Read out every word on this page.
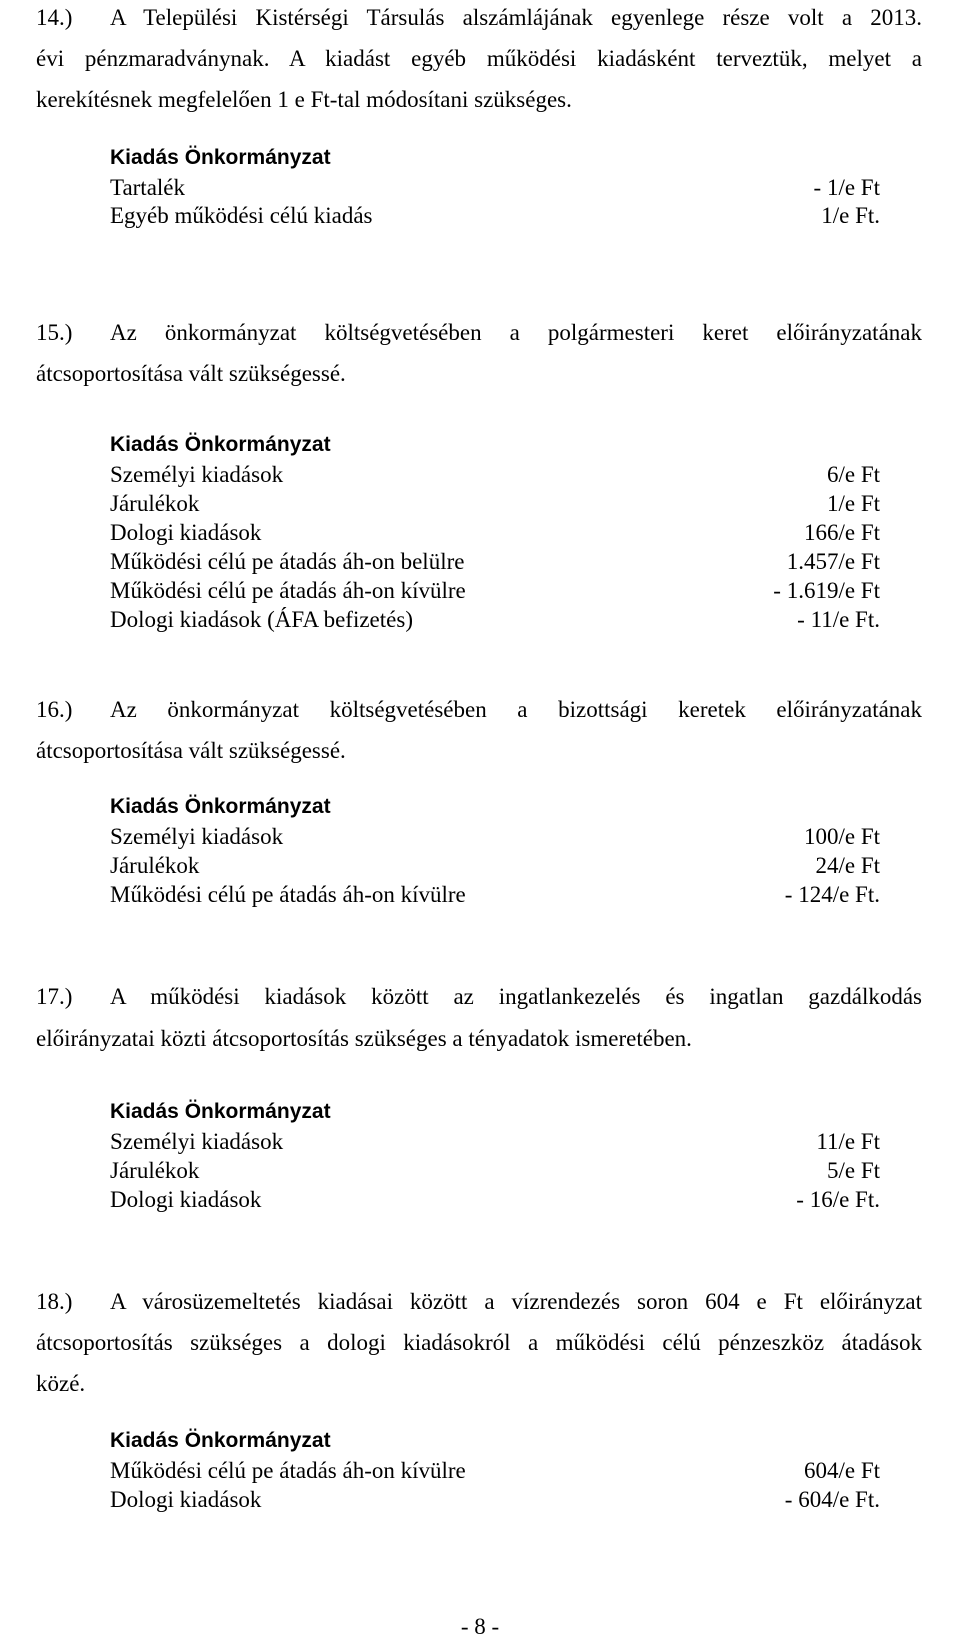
14.) A Települési Kistérségi Társulás alszámlájának egyenlege része volt a 2013.
évi pénzmaradványnak. A kiadást egyéb működési kiadásként terveztük, melyet a
kerekítésnek megfelelően 1 e Ft-tal módosítani szükséges.
Kiadás Önkormányzat
Tartalék	- 1/e Ft
Egyéb működési célú kiadás	1/e Ft.
15.) Az önkormányzat költségvetésében a polgármesteri keret előirányzatának
átcsoportosítása vált szükségessé.
Kiadás Önkormányzat
Személyi kiadások	6/e Ft
Járulékok	1/e Ft
Dologi kiadások	166/e Ft
Működési célú pe átadás áh-on belülre	1.457/e Ft
Működési célú pe átadás áh-on kívülre	- 1.619/e Ft
Dologi kiadások (ÁFA befizetés)	- 11/e Ft.
16.) Az önkormányzat költségvetésében a bizottsági keretek előirányzatának
átcsoportosítása vált szükségessé.
Kiadás Önkormányzat
Személyi kiadások	100/e Ft
Járulékok	24/e Ft
Működési célú pe átadás áh-on kívülre	- 124/e Ft.
17.) A működési kiadások között az ingatlankezelés és ingatlan gazdálkodás
előirányzatai közti átcsoportosítás szükséges a tényadatok ismeretében.
Kiadás Önkormányzat
Személyi kiadások	11/e Ft
Járulékok	5/e Ft
Dologi kiadások	- 16/e Ft.
18.) A városüzemeltetés kiadásai között a vízrendezés soron 604 e Ft előirányzat
átcsoportosítás szükséges a dologi kiadásokról a működési célú pénzeszköz átadások
közé.
Kiadás Önkormányzat
Működési célú pe átadás áh-on kívülre	604/e Ft
Dologi kiadások	- 604/e Ft.
- 8 -
